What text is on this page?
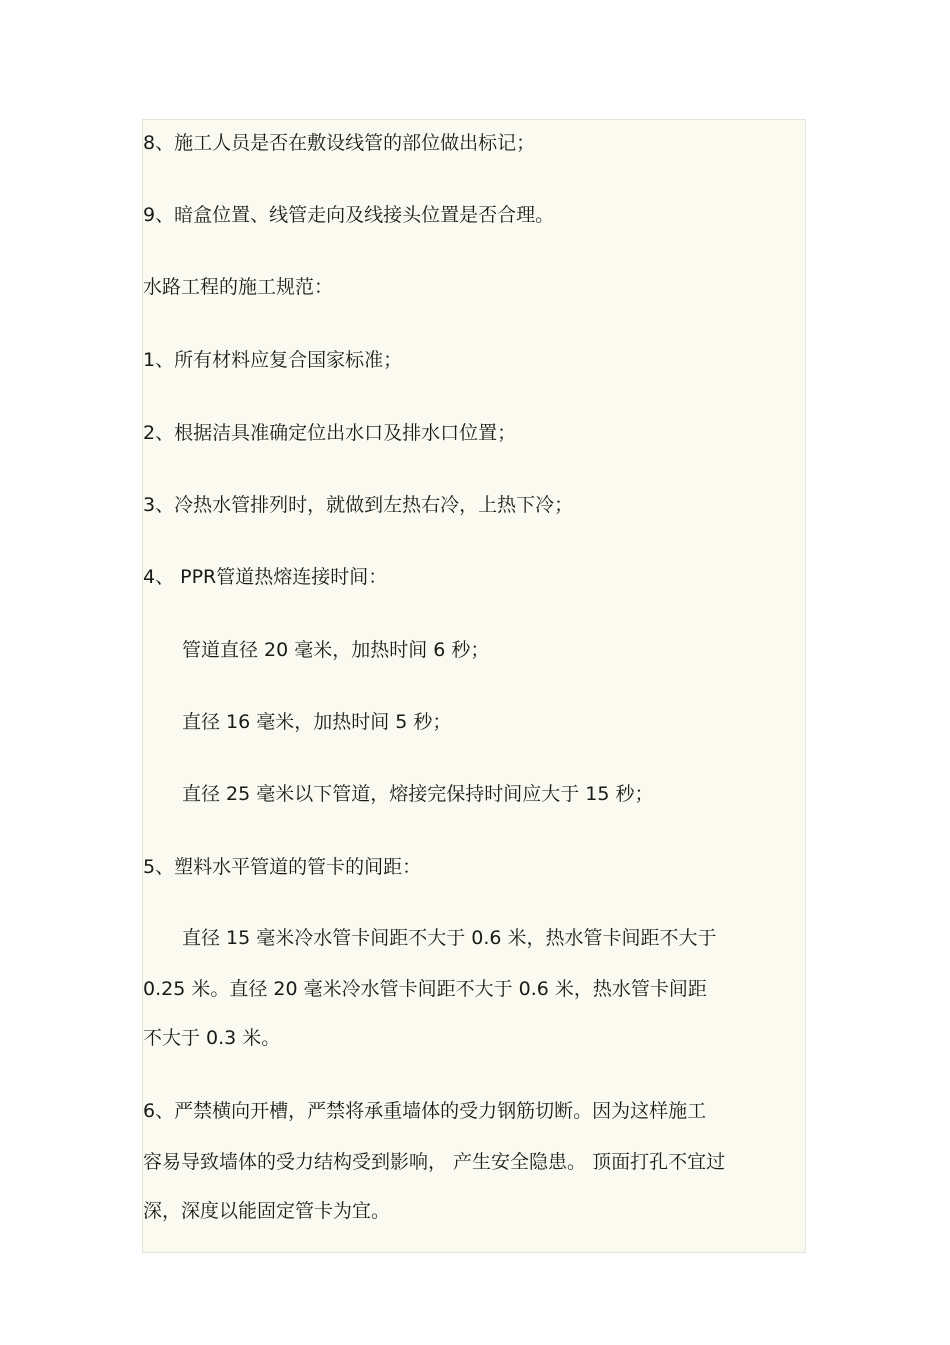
8、施工人员是否在敷设线管的部位做出标记；

9、暗盒位置、线管走向及线接头位置是否合理。

水路工程的施工规范：

1、所有材料应复合国家标准；

2、根据洁具准确定位出水口及排水口位置；

3、冷热水管排列时，就做到左热右冷，上热下冷；

4、 PPR管道热熔连接时间：

管道直径 20 毫米，加热时间 6 秒；

直径 16 毫米，加热时间 5 秒；

直径 25 毫米以下管道，熔接完保持时间应大于 15 秒；

5、塑料水平管道的管卡的间距：

直径 15 毫米冷水管卡间距不大于 0.6 米，热水管卡间距不大于

0.25 米。直径 20 毫米冷水管卡间距不大于 0.6 米，热水管卡间距

不大于 0.3 米。

6、严禁横向开槽，严禁将承重墙体的受力钢筋切断。因为这样施工

容易导致墙体的受力结构受到影响， 产生安全隐患。 顶面打孔不宜过

深，深度以能固定管卡为宜。
